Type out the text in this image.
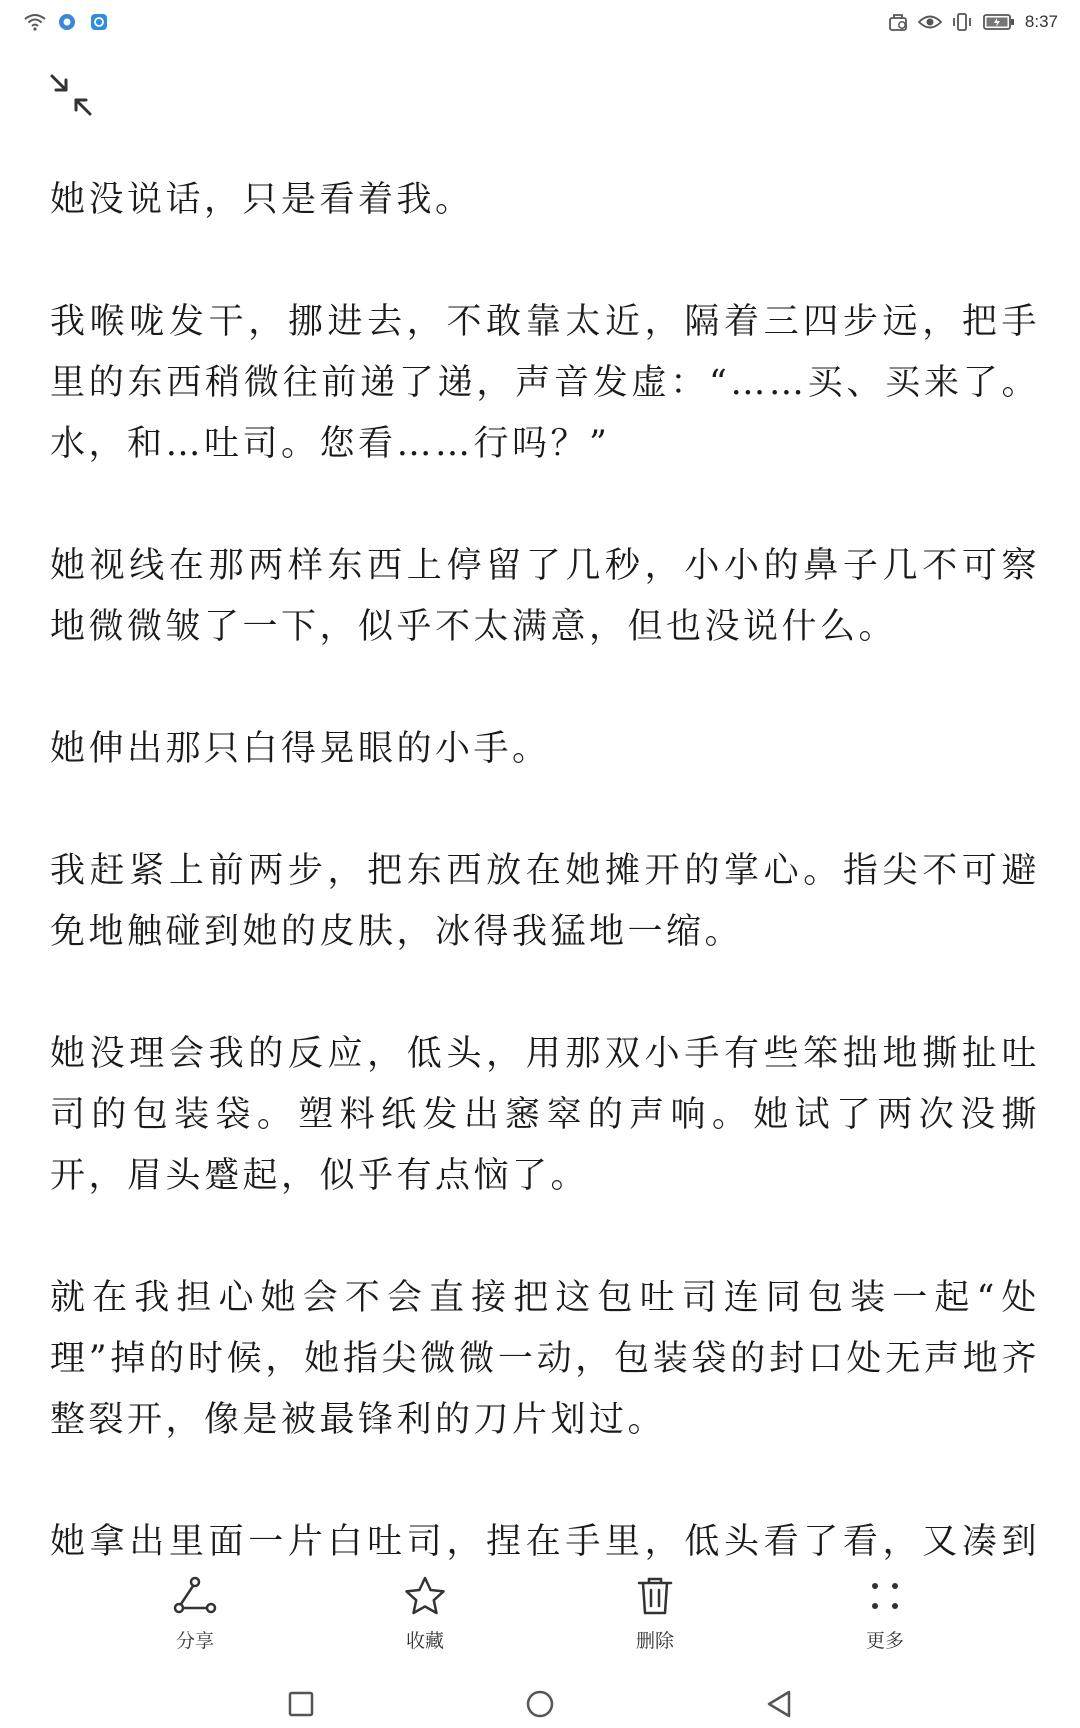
8:37

她没说话，只是看着我。

我喉咙发干，挪进去，不敢靠太近，隔着三四步远，把手里的东西稍微往前递了递，声音发虚：“……买、买来了。水，和…吐司。您看……行吗？”

她视线在那两样东西上停留了几秒，小小的鼻子几不可察地微微皱了一下，似乎不太满意，但也没说什么。

她伸出那只白得晃眼的小手。

我赶紧上前两步，把东西放在她摊开的掌心。指尖不可避免地触碰到她的皮肤，冰得我猛地一缩。

她没理会我的反应，低头，用那双小手有些笨拙地撕扯吐司的包装袋。塑料纸发出窸窣的声响。她试了两次没撕开，眉头蹙起，似乎有点恼了。

就在我担心她会不会直接把这包吐司连同包装一起“处理”掉的时候，她指尖微微一动，包装袋的封口处无声地齐整裂开，像是被最锋利的刀片划过。

她拿出里面一片白吐司，捏在手里，低头看了看，又凑到

分享	收藏	删除	更多
